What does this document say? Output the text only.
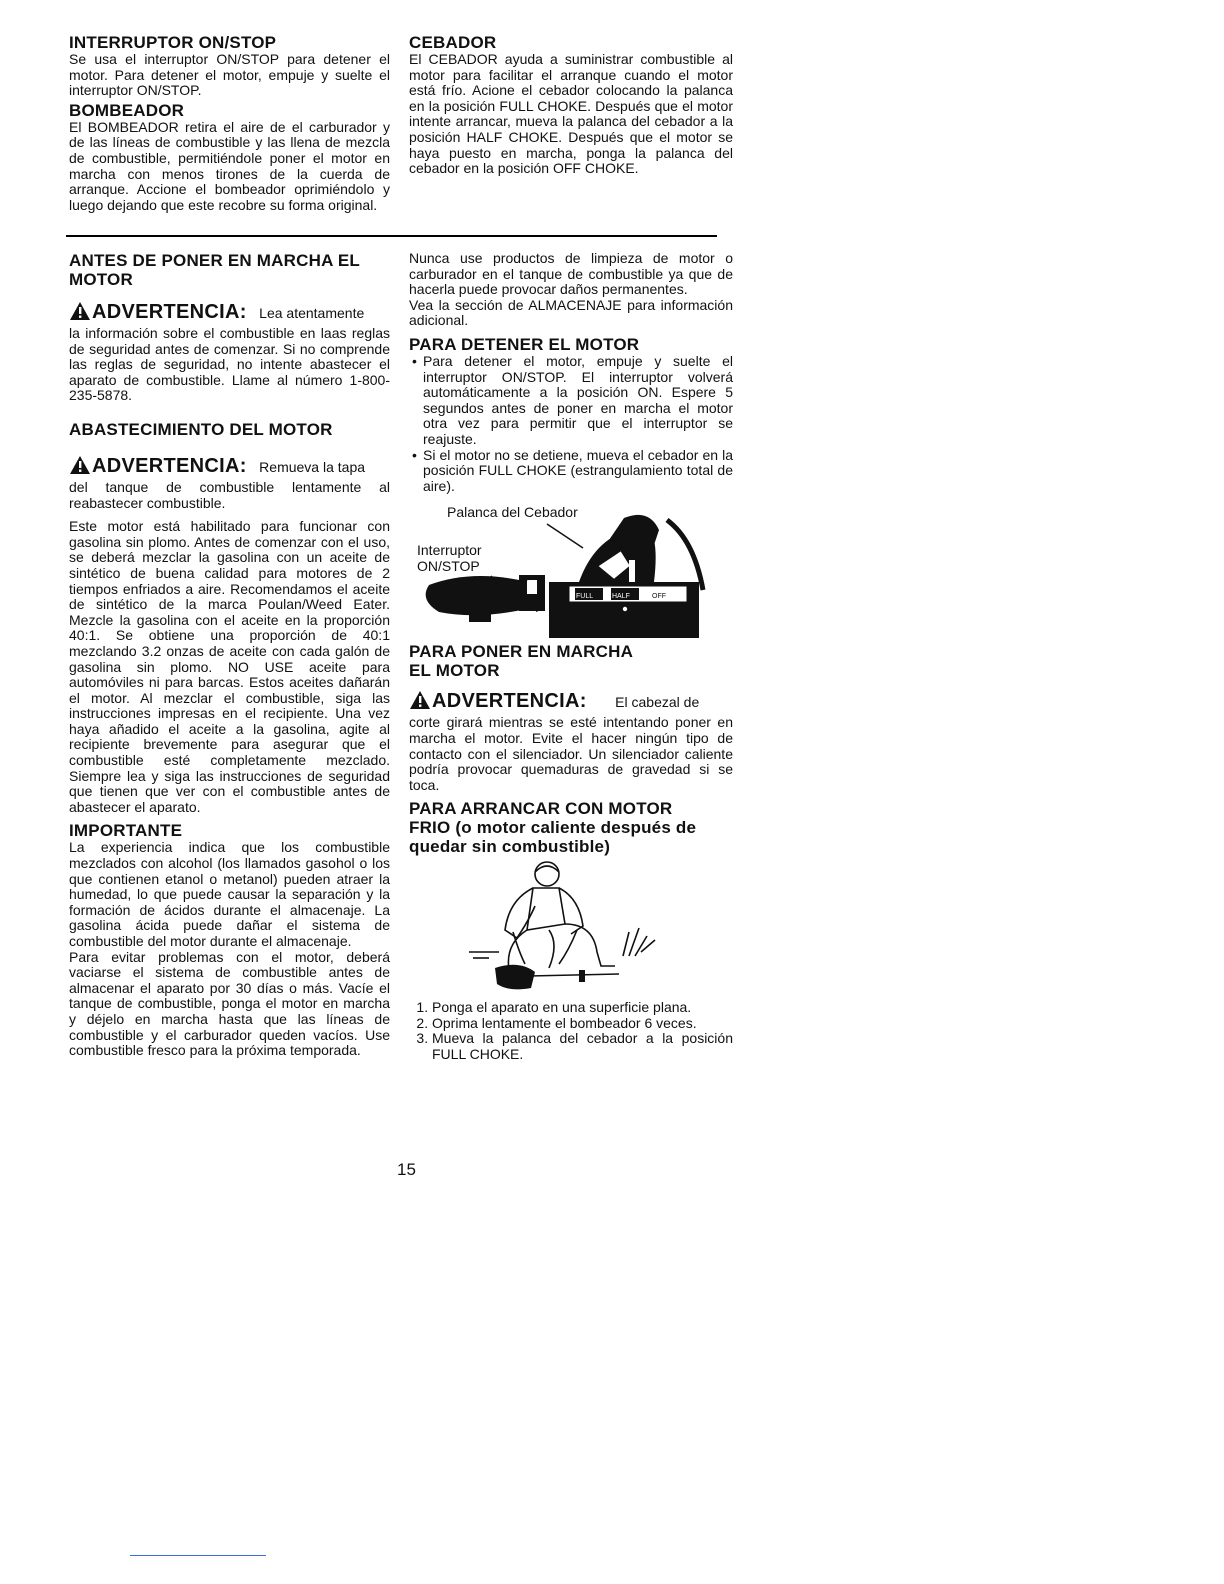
INTERRUPTOR ON/STOP

Se usa el interruptor ON/STOP para detener el motor. Para detener el motor, empuje y suelte el interruptor ON/STOP.

BOMBEADOR

El BOMBEADOR retira el aire de el carburador y de las líneas de combustible y las llena de mezcla de combustible, permitiéndole poner el motor en marcha con menos tirones de la cuerda de arranque. Accione el bombeador oprimiéndolo y luego dejando que este recobre su forma original.

CEBADOR

El CEBADOR ayuda a suministrar combustible al motor para facilitar el arranque cuando el motor está frío. Acione el cebador colocando la palanca en la posición FULL CHOKE. Después que el motor intente arrancar, mueva la palanca del cebador a la posición HALF CHOKE. Después que el motor se haya puesto en marcha, ponga la palanca del cebador en la posición OFF CHOKE.

ANTES DE PONER EN MARCHA EL MOTOR

ADVERTENCIA: Lea atentamente

la información sobre el combustible en laas reglas de seguridad antes de comenzar. Si no comprende las reglas de seguridad, no intente abastecer el aparato de combustible. Llame al número 1-800-235-5878.

ABASTECIMIENTO DEL MOTOR

ADVERTENCIA: Remueva la tapa

del tanque de combustible lentamente al reabastecer combustible.

Este motor está habilitado para funcionar con gasolina sin plomo. Antes de comenzar con el uso, se deberá mezclar la gasolina con un aceite de sintético de buena calidad para motores de 2 tiempos enfriados a aire. Recomendamos el aceite de sintético de la marca Poulan/Weed Eater. Mezcle la gasolina con el aceite en la proporción 40:1. Se obtiene una proporción de 40:1 mezclando 3.2 onzas de aceite con cada galón de gasolina sin plomo. NO USE aceite para automóviles ni para barcas. Estos aceites dañarán el motor. Al mezclar el combustible, siga las instrucciones impresas en el recipiente. Una vez haya añadido el aceite a la gasolina, agite al recipiente brevemente para asegurar que el combustible esté completamente mezclado. Siempre lea y siga las instrucciones de seguridad que tienen que ver con el combustible antes de abastecer el aparato.

IMPORTANTE

La experiencia indica que los combustible mezclados con alcohol (los llamados gasohol o los que contienen etanol o metanol) pueden atraer la humedad, lo que puede causar la separación y la formación de ácidos durante el almacenaje. La gasolina ácida puede dañar el sistema de combustible del motor durante el almacenaje.

Para evitar problemas con el motor, deberá vaciarse el sistema de combustible antes de almacenar el aparato por 30 días o más. Vacíe el tanque de combustible, ponga el motor en marcha y déjelo en marcha hasta que las líneas de combustible y el carburador queden vacíos. Use combustible fresco para la próxima temporada.

Nunca use productos de limpieza de motor o carburador en el tanque de combustible ya que de hacerla puede provocar daños permanentes.

Vea la sección de ALMACENAJE para información adicional.

PARA DETENER EL MOTOR

• Para detener el motor, empuje y suelte el interruptor ON/STOP. El interruptor volverá automáticamente a la posición ON. Espere 5 segundos antes de poner en marcha el motor otra vez para permitir que el interruptor se reajuste.
• Si el motor no se detiene, mueva el cebador en la posición FULL CHOKE (estrangulamiento total de aire).
Palanca del Cebador
Interruptor
ON/STOP
FULL	HALF	OFF

PARA PONER EN MARCHA EL MOTOR

ADVERTENCIA: El cabezal de

corte girará mientras se esté intentando poner en marcha el motor. Evite el hacer ningún tipo de contacto con el silenciador. Un silenciador caliente podría provocar quemaduras de gravedad si se toca.

PARA ARRANCAR CON MOTOR

FRIO (o motor caliente después de quedar sin combustible)

1. Ponga el aparato en una superficie plana.
2. Oprima lentamente el bombeador 6 veces.
3. Mueva la palanca del cebador a la posición FULL CHOKE.
15
